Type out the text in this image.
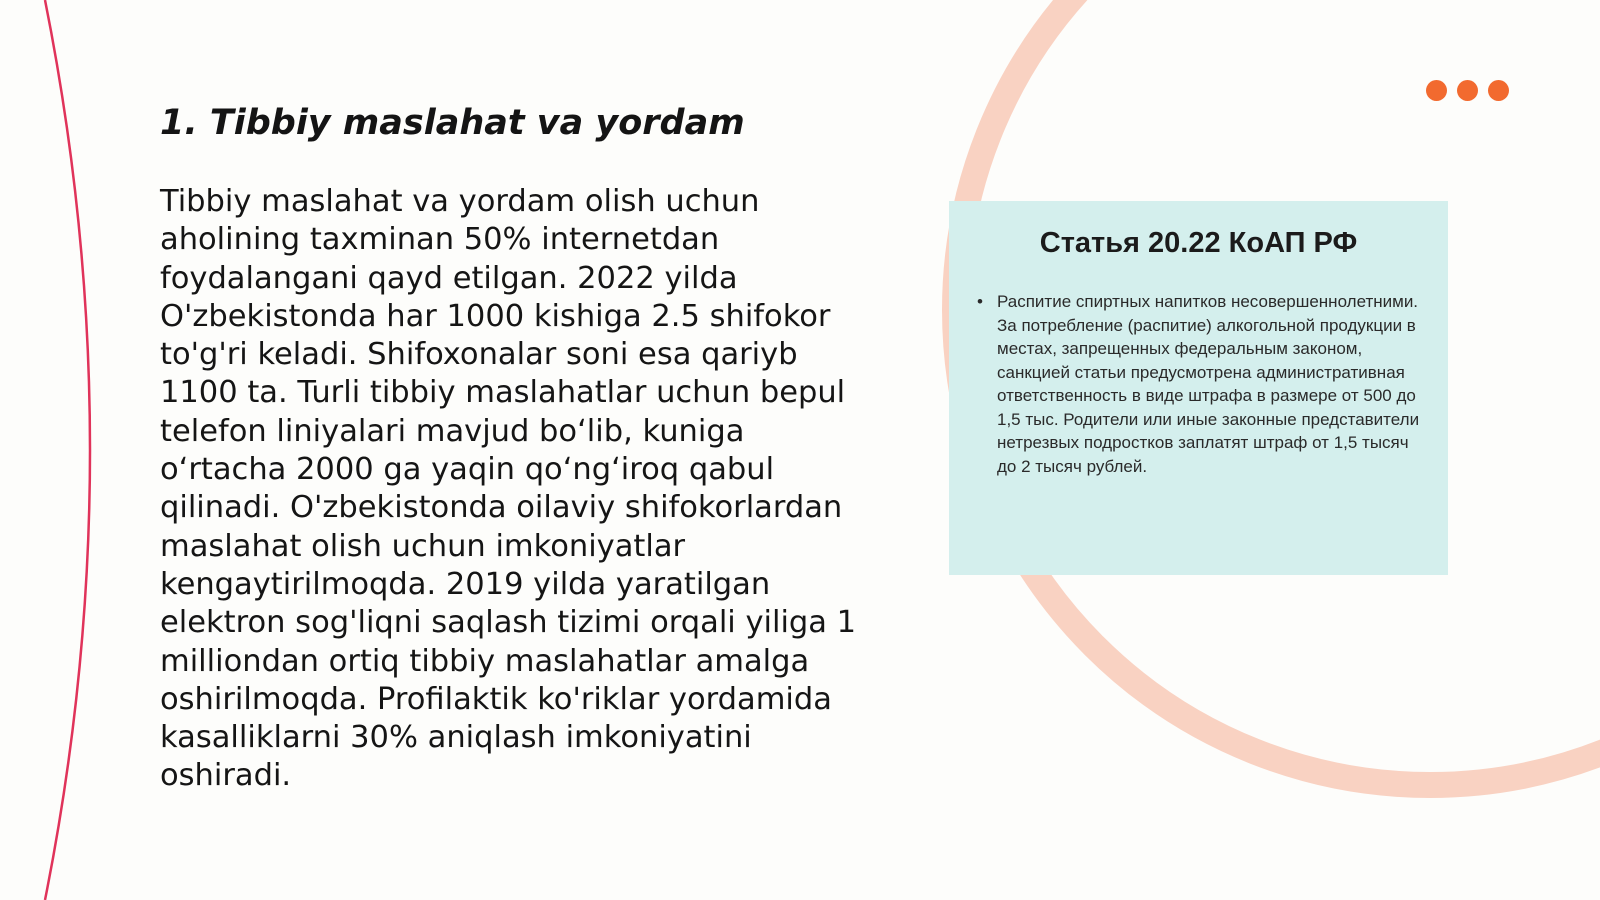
1. Tibbiy maslahat va yordam

Tibbiy maslahat va yordam olish uchun aholining taxminan 50% internetdan foydalangani qayd etilgan. 2022 yilda O'zbekistonda har 1000 kishiga 2.5 shifokor to'g'ri keladi. Shifoxonalar soni esa qariyb 1100 ta. Turli tibbiy maslahatlar uchun bepul telefon liniyalari mavjud bo‘lib, kuniga o‘rtacha 2000 ga yaqin qo‘ng‘iroq qabul qilinadi. O'zbekistonda oilaviy shifokorlardan maslahat olish uchun imkoniyatlar kengaytirilmoqda. 2019 yilda yaratilgan elektron sog'liqni saqlash tizimi orqali yiliga 1 milliondan ortiq tibbiy maslahatlar amalga oshirilmoqda. Profilaktik ko'riklar yordamida kasalliklarni 30% aniqlash imkoniyatini oshiradi.

Статья 20.22 КоАП РФ
• Распитие спиртных напитков несовершеннолетними. За потребление (распитие) алкогольной продукции в местах, запрещенных федеральным законом, санкцией статьи предусмотрена административная ответственность в виде штрафа в размере от 500 до 1,5 тыс. Родители или иные законные представители нетрезвых подростков заплатят штраф от 1,5 тысяч до 2 тысяч рублей.
